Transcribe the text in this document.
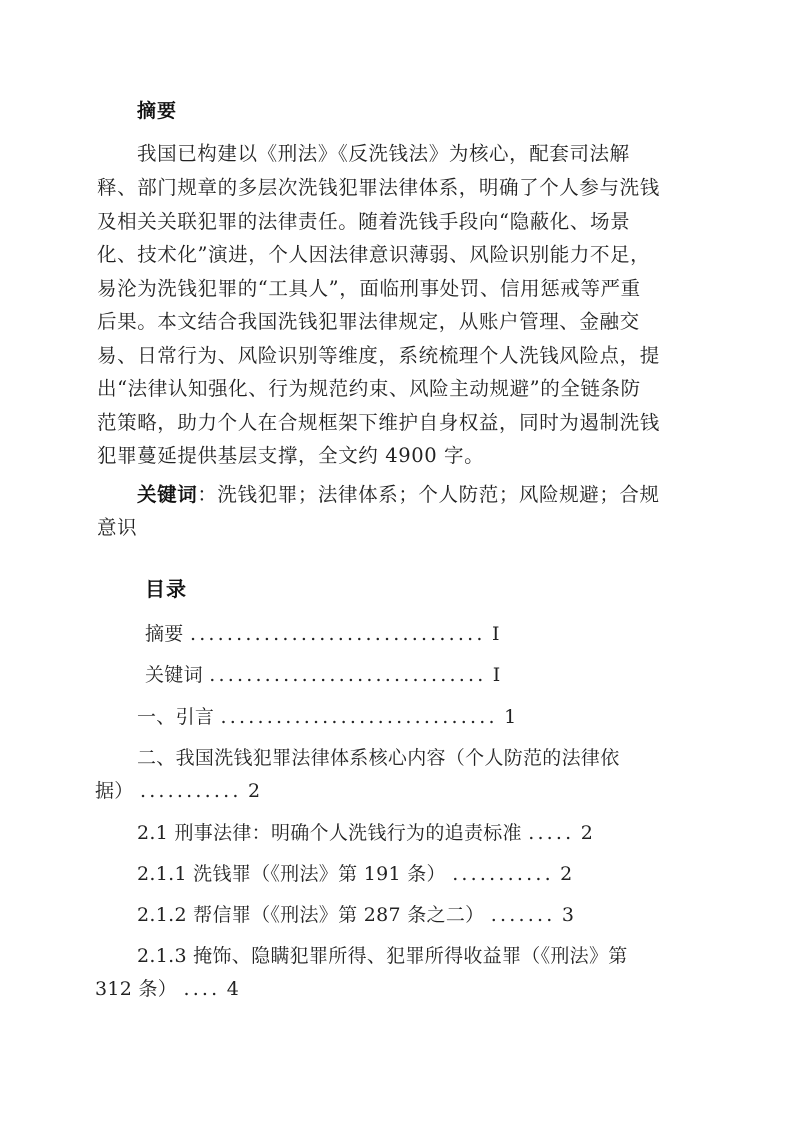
摘要
我国已构建以《刑法》《反洗钱法》为核心，配套司法解
释、部门规章的多层次洗钱犯罪法律体系，明确了个人参与洗钱
及相关关联犯罪的法律责任。随着洗钱手段向“隐蔽化、场景
化、技术化”演进，个人因法律意识薄弱、风险识别能力不足，
易沦为洗钱犯罪的“工具人”，面临刑事处罚、信用惩戒等严重
后果。本文结合我国洗钱犯罪法律规定，从账户管理、金融交
易、日常行为、风险识别等维度，系统梳理个人洗钱风险点，提
出“法律认知强化、行为规范约束、风险主动规避”的全链条防
范策略，助力个人在合规框架下维护自身权益，同时为遏制洗钱
犯罪蔓延提供基层支撑，全文约 4900 字。
关键词：洗钱犯罪；法律体系；个人防范；风险规避；合规
意识
目录
摘要 ................................ I
关键词 .............................. I
一、引言 .............................. 1
二、我国洗钱犯罪法律体系核心内容（个人防范的法律依
据） ........... 2
2.1 刑事法律：明确个人洗钱行为的追责标准 ..... 2
2.1.1 洗钱罪（《刑法》第 191 条） ........... 2
2.1.2 帮信罪（《刑法》第 287 条之二） ....... 3
2.1.3 掩饰、隐瞒犯罪所得、犯罪所得收益罪（《刑法》第
312 条） .... 4
